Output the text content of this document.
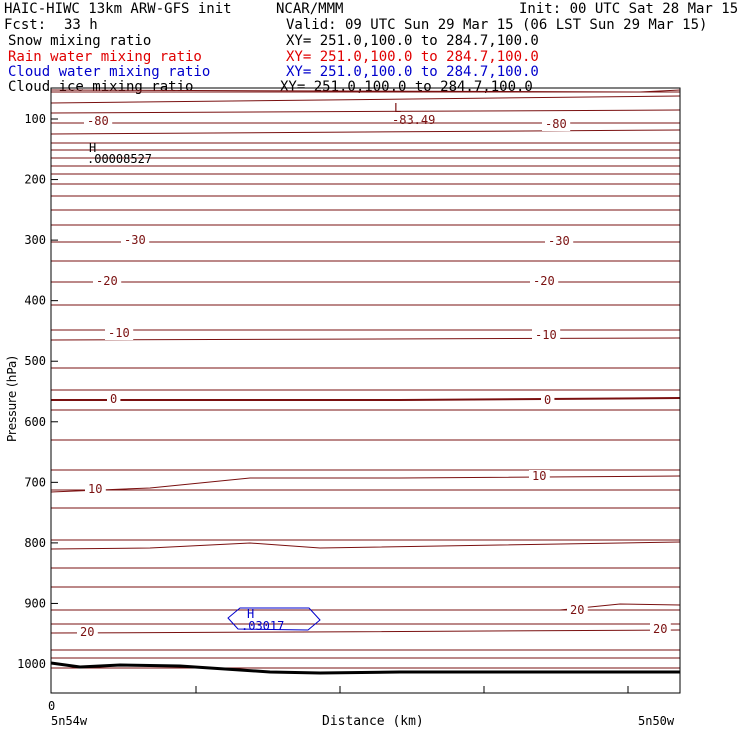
HAIC-HIWC 13km ARW-GFS init	NCAR/MMM	Init: 00 UTC Sat 28 Mar 15
Fcst: 33 h	Valid: 09 UTC Sun 29 Mar 15 (06 LST Sun 29 Mar 15)
Snow mixing ratio	XY= 251.0,100.0 to 284.7,100.0
Rain water mixing ratio	XY= 251.0,100.0 to 284.7,100.0
Cloud water mixing ratio	XY= 251.0,100.0 to 284.7,100.0
Cloud ice mixing ratio	XY= 251.0,100.0 to 284.7,100.0
-80	-80
-30	-30
-20	-20
-10	-10
0	0
10
10
20
20
20
100
200
300
400
500
600
700
800
900
1000
0
5n54w	5n50w
Distance (km)
Pressure (hPa)
L
-83.49
H
.00008527
H
.03017
